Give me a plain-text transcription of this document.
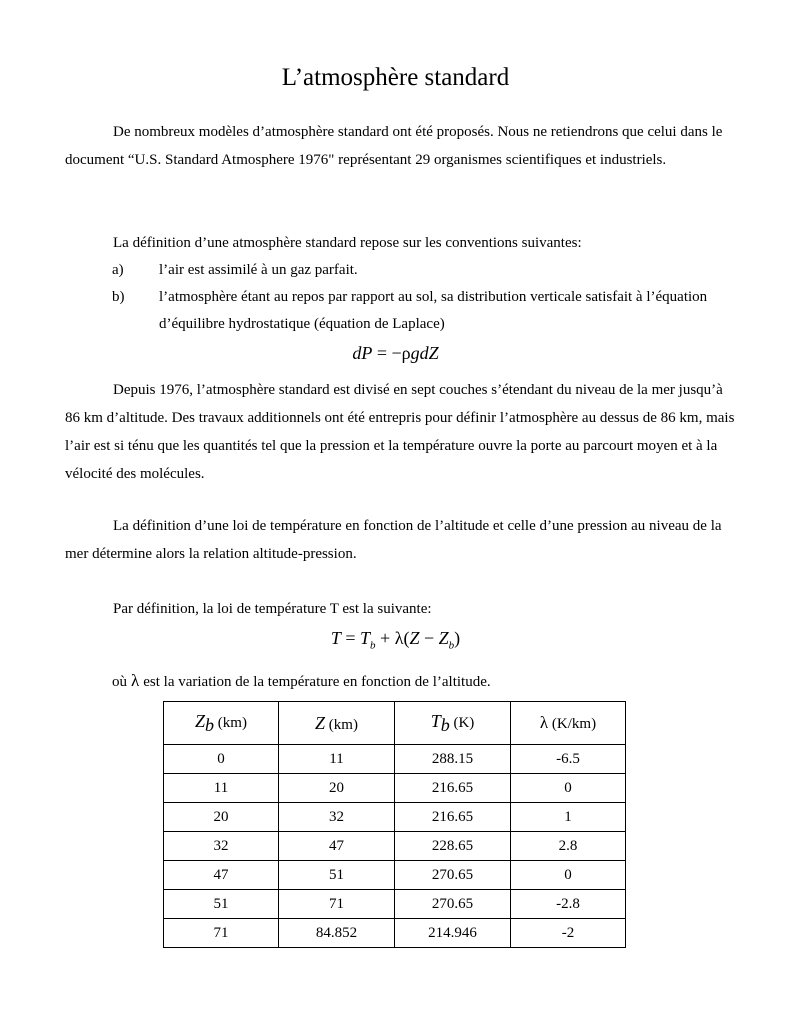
L’atmosphère standard

De nombreux modèles d’atmosphère standard ont été proposés. Nous ne retiendrons que celui dans le document “U.S. Standard Atmosphere 1976" représentant 29 organismes scientifiques et industriels.

La définition d’une atmosphère standard repose sur les conventions suivantes:

a) l’air est assimilé à un gaz parfait.
b) l’atmosphère étant au repos par rapport au sol, sa distribution verticale satisfait à l’équation d’équilibre hydrostatique (équation de Laplace)
dP = −ρgdZ

Depuis 1976, l’atmosphère standard est divisé en sept couches s’étendant du niveau de la mer jusqu’à 86 km d’altitude. Des travaux additionnels ont été entrepris pour définir l’atmosphère au dessus de 86 km, mais l’air est si ténu que les quantités tel que la pression et la température ouvre la porte au parcourt moyen et à la vélocité des molécules.

La définition d’une loi de température en fonction de l’altitude et celle d’une pression au niveau de la mer détermine alors la relation altitude-pression.

Par définition, la loi de température T est la suivante:

$T = T_b + \lambda(Z - Z_b)$
où λ est la variation de la température en fonction de l’altitude.
$Z_b$ (km)	Z (km)	$T_b$ (K)	λ (K/km)
0	11	288.15	-6.5
11	20	216.65	0
20	32	216.65	1
32	47	228.65	2.8
47	51	270.65	0
51	71	270.65	-2.8
71	84.852	214.946	-2
